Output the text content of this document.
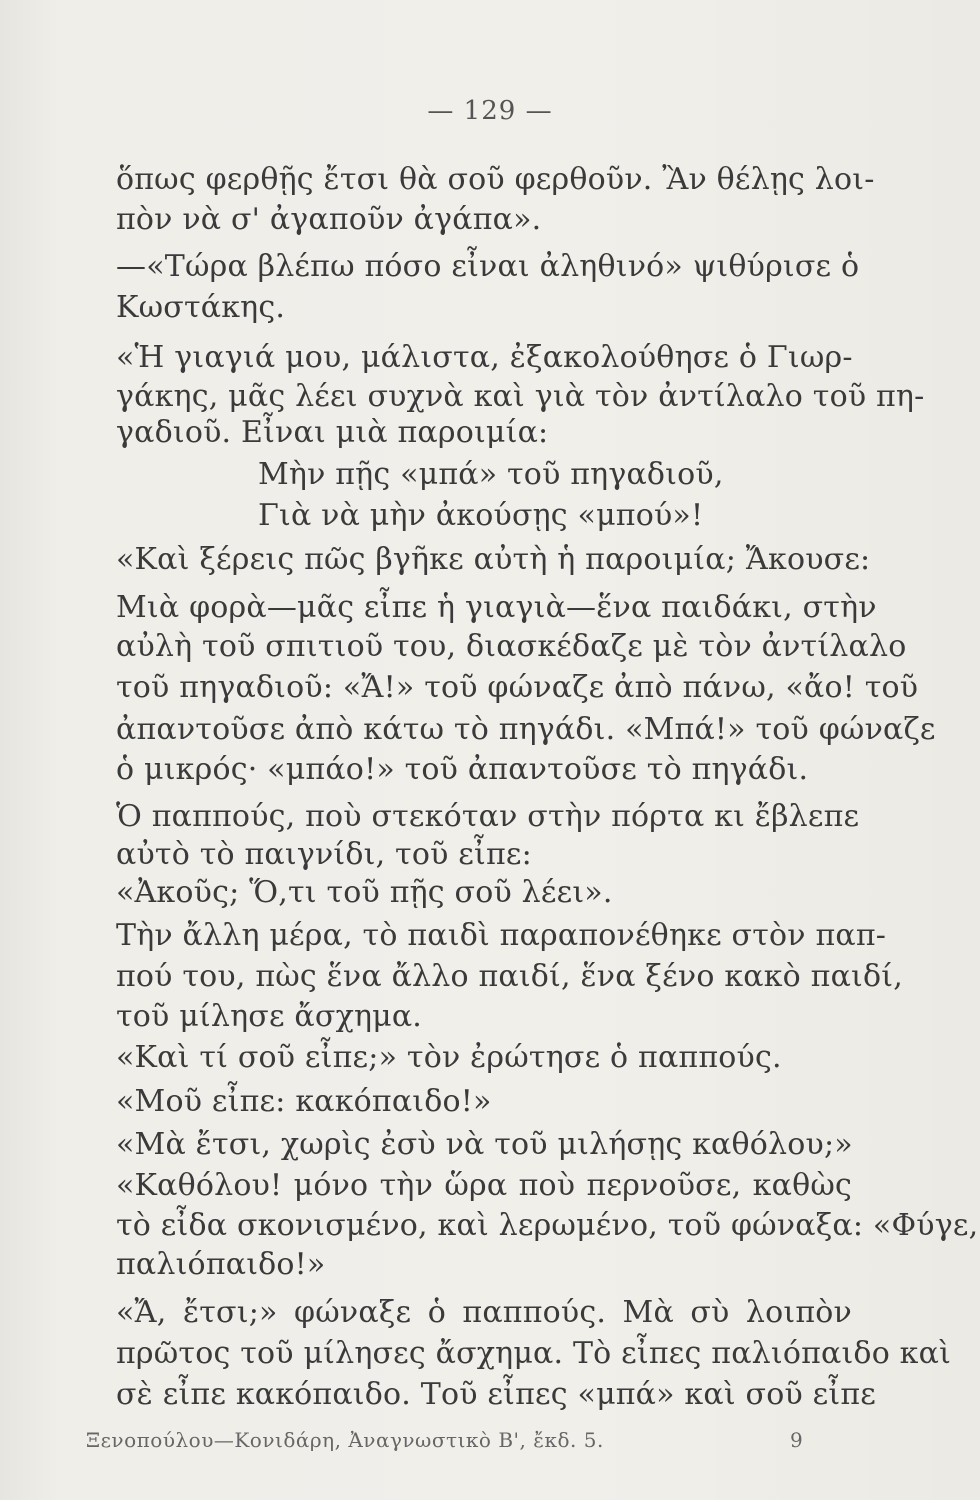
— 129 —
ὅπως φερθῇς ἔτσι θὰ σοῦ φερθοῦν. Ἂν θέλῃς λοι-
πὸν νὰ σ' ἀγαποῦν ἀγάπα».
—«Τώρα βλέπω πόσο εἶναι ἀληθινό» ψιθύρισε ὁ
Κωστάκης.
«Ἡ γιαγιά μου, μάλιστα, ἐξακολούθησε ὁ Γιωρ-
γάκης, μᾶς λέει συχνὰ καὶ γιὰ τὸν ἀντίλαλο τοῦ πη-
γαδιοῦ. Εἶναι μιὰ παροιμία:
Μὴν πῇς «μπά» τοῦ πηγαδιοῦ,
Γιὰ νὰ μὴν ἀκούσῃς «μπού»!
«Καὶ ξέρεις πῶς βγῆκε αὐτὴ ἡ παροιμία; Ἄκουσε:
Μιὰ φορὰ—μᾶς εἶπε ἡ γιαγιὰ—ἕνα παιδάκι, στὴν
αὐλὴ τοῦ σπιτιοῦ του, διασκέδαζε μὲ τὸν ἀντίλαλο
τοῦ πηγαδιοῦ: «Ἄ!» τοῦ φώναζε ἀπὸ πάνω, «ἄο! τοῦ
ἀπαντοῦσε ἀπὸ κάτω τὸ πηγάδι. «Μπά!» τοῦ φώναζε
ὁ μικρός· «μπάο!» τοῦ ἀπαντοῦσε τὸ πηγάδι.
Ὁ παππούς, ποὺ στεκόταν στὴν πόρτα κι ἔβλεπε
αὐτὸ τὸ παιγνίδι, τοῦ εἶπε:
«Ἀκοῦς; Ὅ,τι τοῦ πῇς σοῦ λέει».
Τὴν ἄλλη μέρα, τὸ παιδὶ παραπονέθηκε στὸν παπ-
πού του, πὼς ἕνα ἄλλο παιδί, ἕνα ξένο κακὸ παιδί,
τοῦ μίλησε ἄσχημα.
«Καὶ τί σοῦ εἶπε;» τὸν ἐρώτησε ὁ παππούς.
«Μοῦ εἶπε: κακόπαιδο!»
«Μὰ ἔτσι, χωρὶς ἐσὺ νὰ τοῦ μιλήσῃς καθόλου;»
«Καθόλου! μόνο τὴν ὥρα ποὺ περνοῦσε, καθὼς
τὸ εἶδα σκονισμένο, καὶ λερωμένο, τοῦ φώναξα: «Φύγε,
παλιόπαιδο!»
«Ἄ, ἔτσι;» φώναξε ὁ παππούς. Μὰ σὺ λοιπὸν
πρῶτος τοῦ μίλησες ἄσχημα. Τὸ εἶπες παλιόπαιδο καὶ
σὲ εἶπε κακόπαιδο. Τοῦ εἶπες «μπά» καὶ σοῦ εἶπε
Ξενοπούλου—Κονιδάρη, Ἀναγνωστικὸ Β', ἔκδ. 5.	9
